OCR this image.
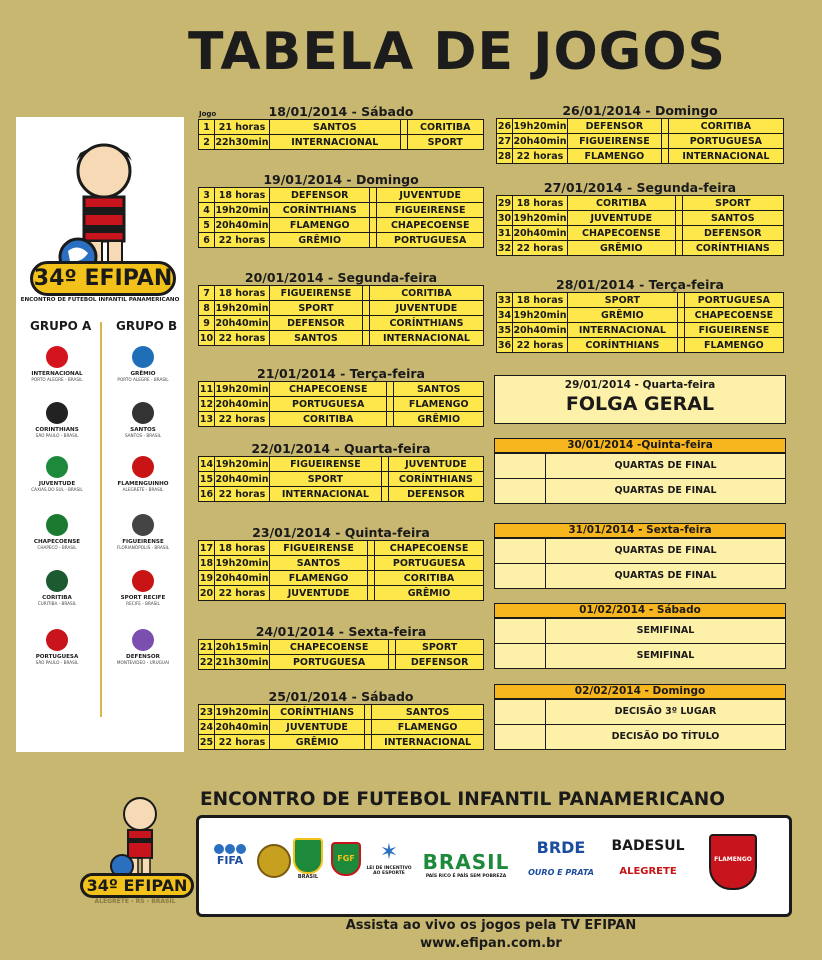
TABELA DE JOGOS
34º EFIPAN
ENCONTRO DE FUTEBOL INFANTIL PANAMERICANO
GRUPO A GRUPO B
INTERNACIONAL
PORTO ALEGRE - BRASIL
CORINTHIANS
SÃO PAULO - BRASIL
JUVENTUDE
CAXIAS DO SUL - BRASIL
CHAPECOENSE
CHAPECÓ - BRASIL
CORITIBA
CURITIBA - BRASIL
PORTUGUESA
SÃO PAULO - BRASIL
GRÊMIO
PORTO ALEGRE - BRASIL
SANTOS
SANTOS - BRASIL
FLAMENGUINHO
ALEGRETE - BRASIL
FIGUEIRENSE
FLORIANÓPOLIS - BRASIL
SPORT RECIFE
RECIFE - BRASIL
DEFENSOR
MONTEVIDEO - URUGUAI
Jogo	18/01/2014 - Sábado
1	21 horas	SANTOS		CORITIBA
2	22h30min	INTERNACIONAL		SPORT
19/01/2014 - Domingo
3	18 horas	DEFENSOR		JUVENTUDE
4	19h20min	CORÍNTHIANS		FIGUEIRENSE
5	20h40min	FLAMENGO		CHAPECOENSE
6	22 horas	GRÊMIO		PORTUGUESA
20/01/2014 - Segunda-feira
7	18 horas	FIGUEIRENSE		CORITIBA
8	19h20min	SPORT		JUVENTUDE
9	20h40min	DEFENSOR		CORÍNTHIANS
10	22 horas	SANTOS		INTERNACIONAL
21/01/2014 - Terça-feira
11	19h20min	CHAPECOENSE		SANTOS
12	20h40min	PORTUGUESA		FLAMENGO
13	22 horas	CORITIBA		GRÊMIO
22/01/2014 - Quarta-feira
14	19h20min	FIGUEIRENSE		JUVENTUDE
15	20h40min	SPORT		CORÍNTHIANS
16	22 horas	INTERNACIONAL		DEFENSOR
23/01/2014 - Quinta-feira
17	18 horas	FIGUEIRENSE		CHAPECOENSE
18	19h20min	SANTOS		PORTUGUESA
19	20h40min	FLAMENGO		CORITIBA
20	22 horas	JUVENTUDE		GRÊMIO
24/01/2014 - Sexta-feira
21	20h15min	CHAPECOENSE		SPORT
22	21h30min	PORTUGUESA		DEFENSOR
25/01/2014 - Sábado
23	19h20min	CORÍNTHIANS		SANTOS
24	20h40min	JUVENTUDE		FLAMENGO
25	22 horas	GRÊMIO		INTERNACIONAL
26/01/2014 - Domingo
26	19h20min	DEFENSOR		CORITIBA
27	20h40min	FIGUEIRENSE		PORTUGUESA
28	22 horas	FLAMENGO		INTERNACIONAL
27/01/2014 - Segunda-feira
29	18 horas	CORITIBA		SPORT
30	19h20min	JUVENTUDE		SANTOS
31	20h40min	CHAPECOENSE		DEFENSOR
32	22 horas	GRÊMIO		CORÍNTHIANS
28/01/2014 - Terça-feira
33	18 horas	SPORT		PORTUGUESA
34	19h20min	GRÊMIO		CHAPECOENSE
35	20h40min	INTERNACIONAL		FIGUEIRENSE
36	22 horas	CORÍNTHIANS		FLAMENGO
29/01/2014 - Quarta-feira
FOLGA GERAL
30/01/2014 -Quinta-feira
QUARTAS DE FINAL
QUARTAS DE FINAL
31/01/2014 - Sexta-feira
QUARTAS DE FINAL
QUARTAS DE FINAL
01/02/2014 - Sábado
SEMIFINAL
SEMIFINAL
02/02/2014 - Domingo
DECISÃO 3º LUGAR
DECISÃO DO TÍTULO
34º EFIPAN
ALEGRETE - RS - BRASIL
ENCONTRO DE FUTEBOL INFANTIL PANAMERICANO
FIFA
BRASIL
FGF	✶
LEI DE INCENTIVO AO ESPORTE BRASIL
PAÍS RICO É PAÍS SEM POBREZA
BRDE
OURO E PRATA
BADESUL
ALEGRETE
FLAMENGO
Assista ao vivo os jogos pela TV EFIPAN
www.efipan.com.br
